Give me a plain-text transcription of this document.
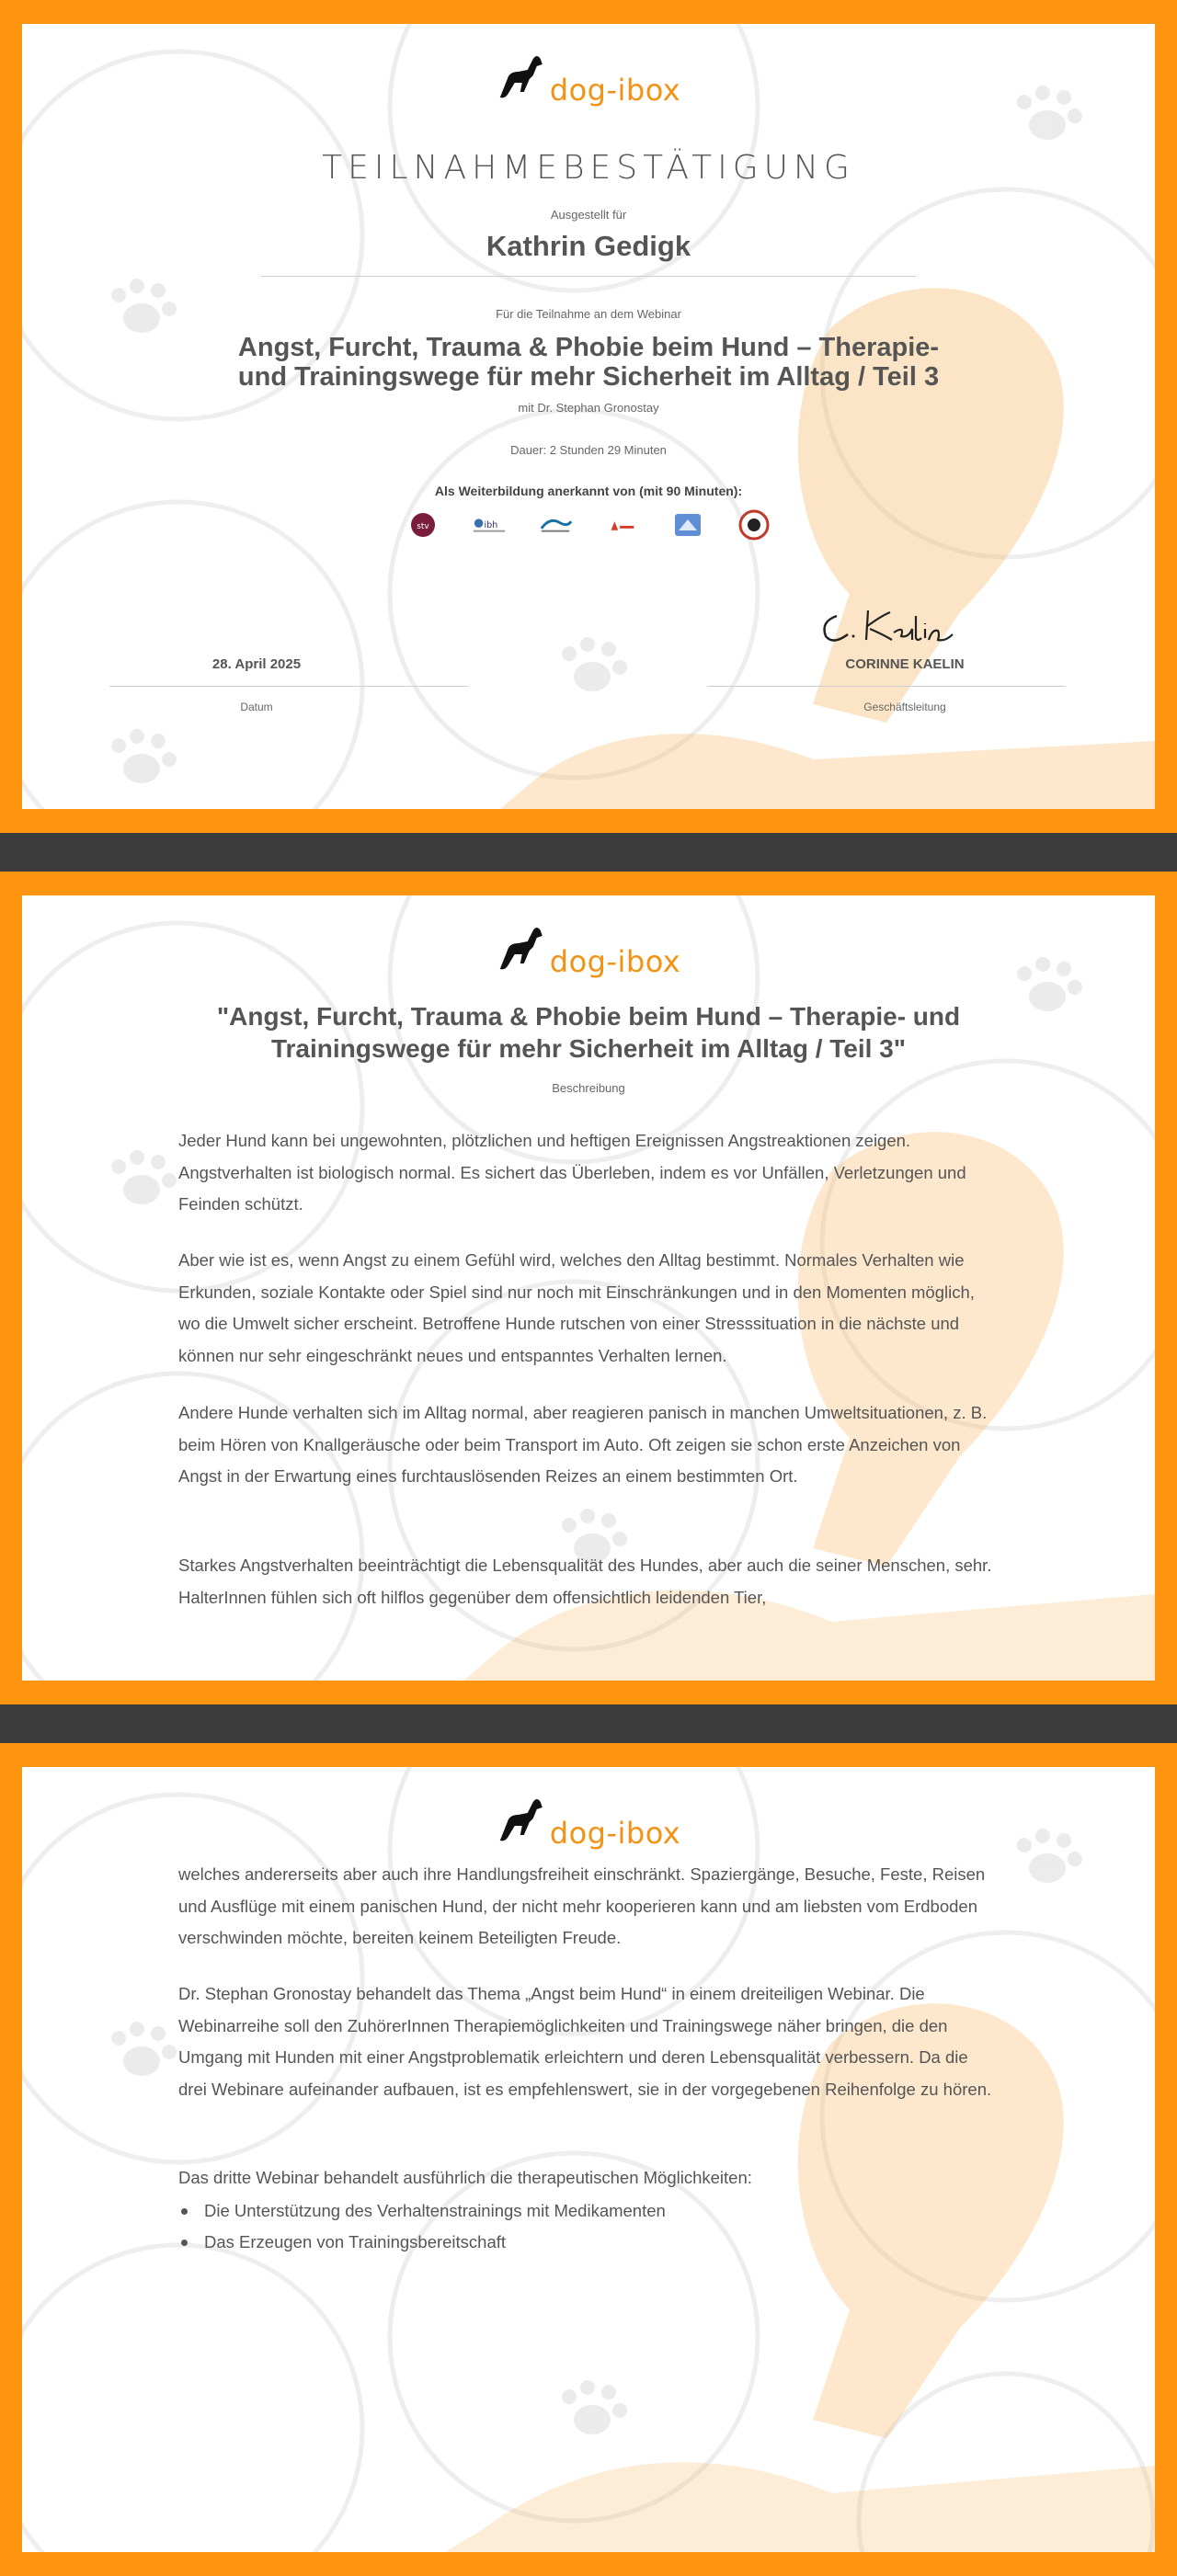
dog-ibox
TEILNAHMEBESTÄTIGUNG
Ausgestellt für
Kathrin Gedigk
Für die Teilnahme an dem Webinar
Angst, Furcht, Trauma & Phobie beim Hund – Therapie-
und Trainingswege für mehr Sicherheit im Alltag / Teil 3
mit Dr. Stephan Gronostay
Dauer: 2 Stunden 29 Minuten
Als Weiterbildung anerkannt von (mit 90 Minuten):
stv	ibh
28. April 2025
Datum
CORINNE KAELIN
Geschäftsleitung
dog-ibox
"Angst, Furcht, Trauma & Phobie beim Hund – Therapie- und
Trainingswege für mehr Sicherheit im Alltag / Teil 3"
Beschreibung
Jeder Hund kann bei ungewohnten, plötzlichen und heftigen Ereignissen Angstreaktionen zeigen. Angstverhalten ist biologisch normal. Es sichert das Überleben, indem es vor Unfällen, Verletzungen und Feinden schützt.
Aber wie ist es, wenn Angst zu einem Gefühl wird, welches den Alltag bestimmt. Normales Verhalten wie Erkunden, soziale Kontakte oder Spiel sind nur noch mit Einschränkungen und in den Momenten möglich, wo die Umwelt sicher erscheint. Betroffene Hunde rutschen von einer Stresssituation in die nächste und können nur sehr eingeschränkt neues und entspanntes Verhalten lernen.
Andere Hunde verhalten sich im Alltag normal, aber reagieren panisch in manchen Umweltsituationen, z. B. beim Hören von Knallgeräusche oder beim Transport im Auto. Oft zeigen sie schon erste Anzeichen von Angst in der Erwartung eines furchtauslösenden Reizes an einem bestimmten Ort.
Starkes Angstverhalten beeinträchtigt die Lebensqualität des Hundes, aber auch die seiner Menschen, sehr. HalterInnen fühlen sich oft hilflos gegenüber dem offensichtlich leidenden Tier,
dog-ibox
welches andererseits aber auch ihre Handlungsfreiheit einschränkt. Spaziergänge, Besuche, Feste, Reisen und Ausflüge mit einem panischen Hund, der nicht mehr kooperieren kann und am liebsten vom Erdboden verschwinden möchte, bereiten keinem Beteiligten Freude.
Dr. Stephan Gronostay behandelt das Thema „Angst beim Hund“ in einem dreiteiligen Webinar. Die Webinarreihe soll den ZuhörerInnen Therapiemöglichkeiten und Trainingswege näher bringen, die den Umgang mit Hunden mit einer Angstproblematik erleichtern und deren Lebensqualität verbessern. Da die drei Webinare aufeinander aufbauen, ist es empfehlenswert, sie in der vorgegebenen Reihenfolge zu hören.
Das dritte Webinar behandelt ausführlich die therapeutischen Möglichkeiten:
Die Unterstützung des Verhaltenstrainings mit Medikamenten
Das Erzeugen von Trainingsbereitschaft
